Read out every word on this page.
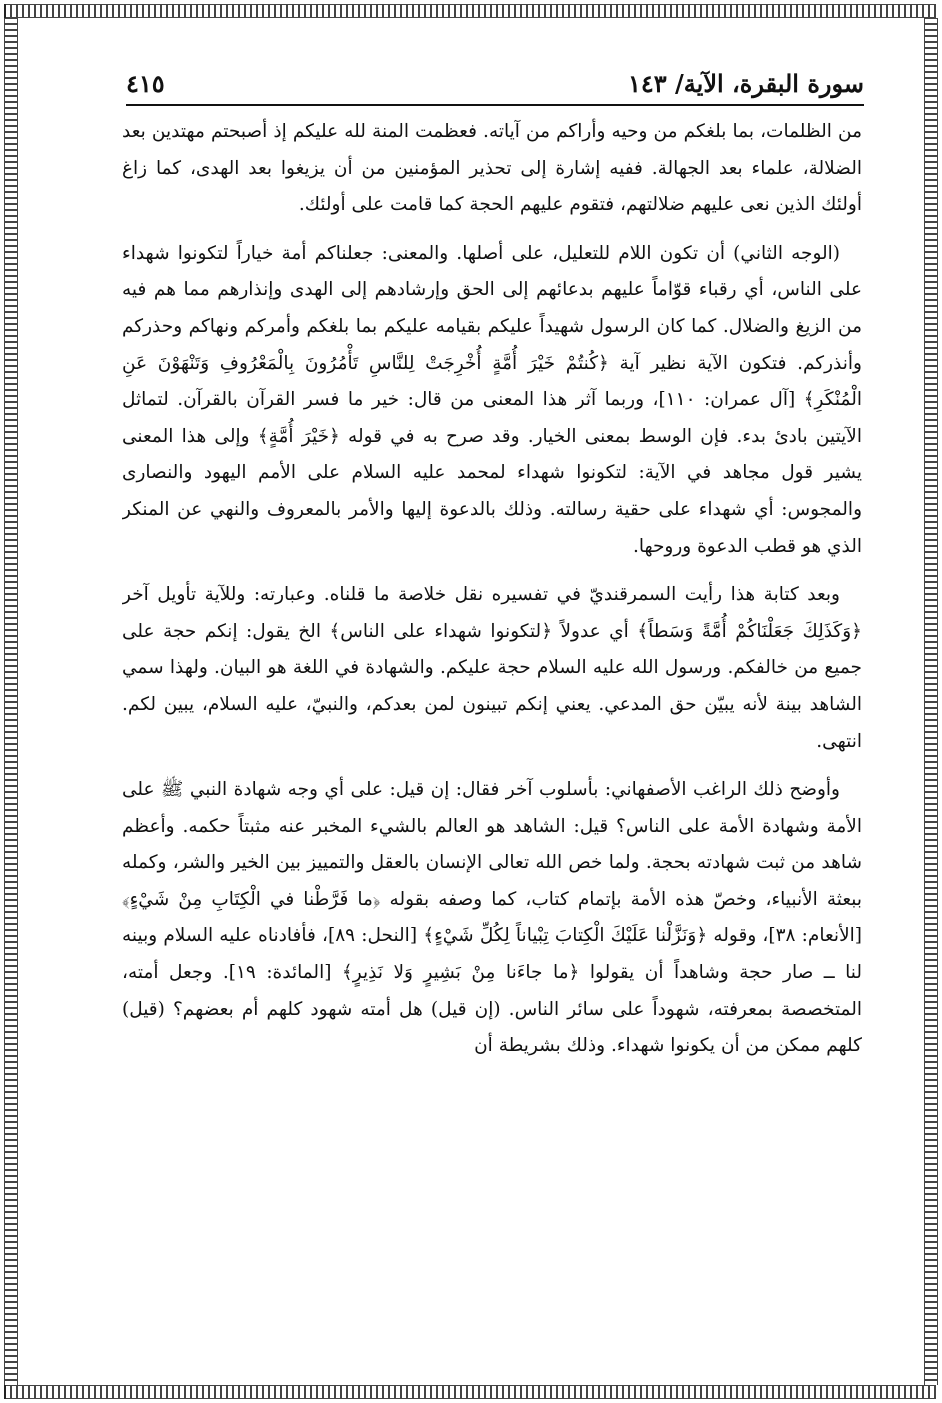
سورة البقرة، الآية/ ١٤٣
٤١٥

من الظلمات، بما بلغكم من وحيه وأراكم من آياته. فعظمت المنة لله عليكم إذ أصبحتم مهتدين بعد الضلالة، علماء بعد الجهالة. ففيه إشارة إلى تحذير المؤمنين من أن يزيغوا بعد الهدى، كما زاغ أولئك الذين نعى عليهم ضلالتهم، فتقوم عليهم الحجة كما قامت على أولئك.

(الوجه الثاني) أن تكون اللام للتعليل، على أصلها. والمعنى: جعلناكم أمة خياراً لتكونوا شهداء على الناس، أي رقباء قوّاماً عليهم بدعائهم إلى الحق وإرشادهم إلى الهدى وإنذارهم مما هم فيه من الزيغ والضلال. كما كان الرسول شهيداً عليكم بقيامه عليكم بما بلغكم وأمركم ونهاكم وحذركم وأنذركم. فتكون الآية نظير آية ﴿كُنتُمْ خَيْرَ أُمَّةٍ أُخْرِجَتْ لِلنَّاسِ تَأْمُرُونَ بِالْمَعْرُوفِ وَتَنْهَوْنَ عَنِ الْمُنْكَرِ﴾ [آل عمران: ١١٠]، وربما آثر هذا المعنى من قال: خير ما فسر القرآن بالقرآن. لتماثل الآيتين بادئ بدء. فإن الوسط بمعنى الخيار. وقد صرح به في قوله ﴿خَيْرَ أُمَّةٍ﴾ وإلى هذا المعنى يشير قول مجاهد في الآية: لتكونوا شهداء لمحمد عليه السلام على الأمم اليهود والنصارى والمجوس: أي شهداء على حقية رسالته. وذلك بالدعوة إليها والأمر بالمعروف والنهي عن المنكر الذي هو قطب الدعوة وروحها.

وبعد كتابة هذا رأيت السمرقنديّ في تفسيره نقل خلاصة ما قلناه. وعبارته: وللآية تأويل آخر ﴿وَكَذَلِكَ جَعَلْنَاكُمْ أُمَّةً وَسَطاً﴾ أي عدولاً ﴿لتكونوا شهداء على الناس﴾ الخ يقول: إنكم حجة على جميع من خالفكم. ورسول الله عليه السلام حجة عليكم. والشهادة في اللغة هو البيان. ولهذا سمي الشاهد بينة لأنه يبيّن حق المدعي. يعني إنكم تبينون لمن بعدكم، والنبيّ، عليه السلام، يبين لكم. انتهى.

وأوضح ذلك الراغب الأصفهاني: بأسلوب آخر فقال: إن قيل: على أي وجه شهادة النبي ﷺ على الأمة وشهادة الأمة على الناس؟ قيل: الشاهد هو العالم بالشيء المخبر عنه مثبتاً حكمه. وأعظم شاهد من ثبت شهادته بحجة. ولما خص الله تعالى الإنسان بالعقل والتمييز بين الخير والشر، وكمله ببعثة الأنبياء، وخصّ هذه الأمة بإتمام كتاب، كما وصفه بقوله ﴿ما فَرَّطْنا في الْكِتَابِ مِنْ شَيْءٍ﴾ [الأنعام: ٣٨]، وقوله ﴿وَنَزَّلْنا عَلَيْكَ الْكِتابَ تِبْياناً لِكُلِّ شَيْءٍ﴾ [النحل: ٨٩]، فأفادناه عليه السلام وبينه لنا ــ صار حجة وشاهداً أن يقولوا ﴿ما جاءَنا مِنْ بَشِيرٍ وَلا نَذِيرٍ﴾ [المائدة: ١٩]. وجعل أمته، المتخصصة بمعرفته، شهوداً على سائر الناس. (إن قيل) هل أمته شهود كلهم أم بعضهم؟ (قيل) كلهم ممكن من أن يكونوا شهداء. وذلك بشريطة أن
